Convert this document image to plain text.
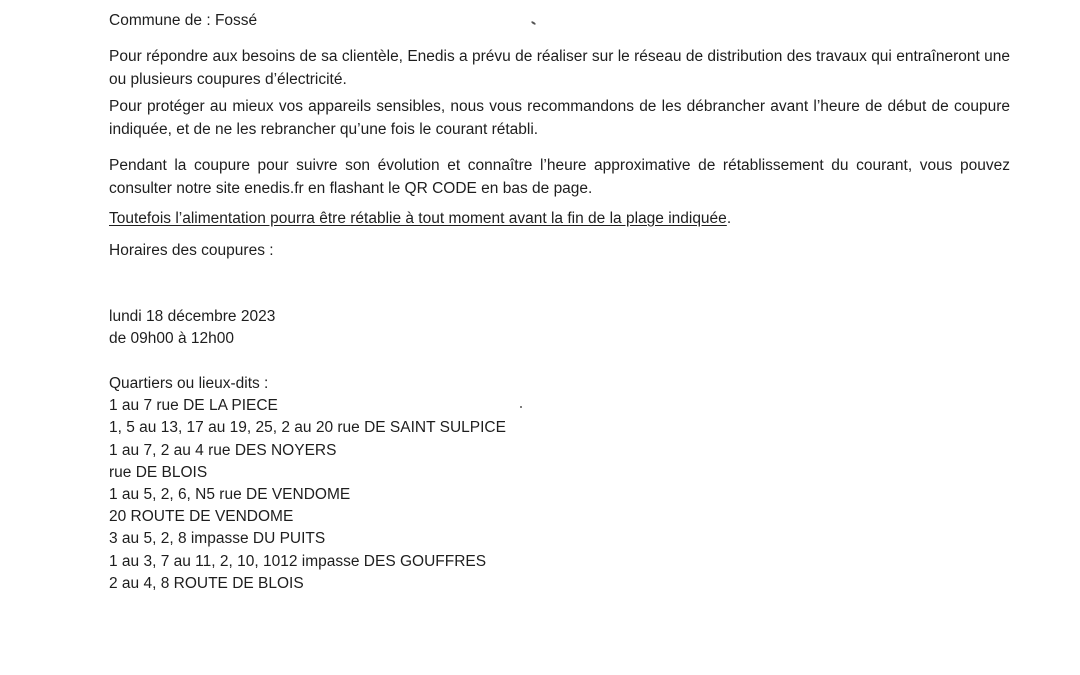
Commune de : Fossé

Pour répondre aux besoins de sa clientèle, Enedis a prévu de réaliser sur le réseau de distribution des travaux qui entraîneront une ou plusieurs coupures d’électricité.

Pour protéger au mieux vos appareils sensibles, nous vous recommandons de les débrancher avant l’heure de début de coupure indiquée, et de ne les rebrancher qu’une fois le courant rétabli.

Pendant la coupure pour suivre son évolution et connaître l’heure approximative de rétablissement du courant, vous pouvez consulter notre site enedis.fr en flashant le QR CODE en bas de page.

Toutefois l’alimentation pourra être rétablie à tout moment avant la fin de la plage indiquée.
Horaires des coupures :
lundi 18 décembre 2023
de 09h00 à 12h00
Quartiers ou lieux-dits :
1 au 7 rue DE LA PIECE
1, 5 au 13, 17 au 19, 25, 2 au 20 rue DE SAINT SULPICE
1 au 7, 2 au 4 rue DES NOYERS
rue DE BLOIS
1 au 5, 2, 6, N5 rue DE VENDOME
20 ROUTE DE VENDOME
3 au 5, 2, 8 impasse DU PUITS
1 au 3, 7 au 11, 2, 10, 1012 impasse DES GOUFFRES
2 au 4, 8 ROUTE DE BLOIS
